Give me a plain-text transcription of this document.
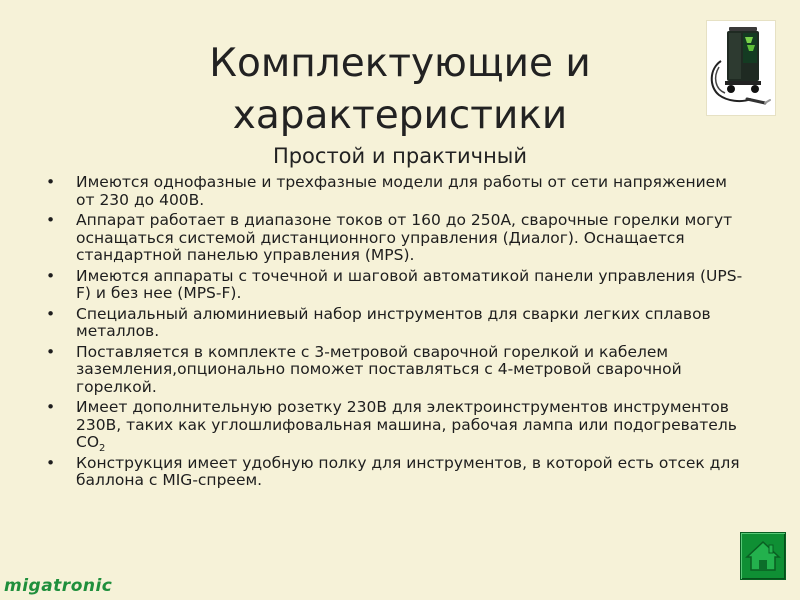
Комплектующие и
характеристики
Простой и практичный
• Имеются однофазные и трехфазные модели для работы от сети напряжением от 230 до 400В.
• Аппарат работает в диапазоне токов от 160 до 250А, сварочные горелки могут оснащаться системой дистанционного управления (Диалог). Оснащается стандартной панелью управления (MPS).
• Имеются аппараты с точечной и шаговой автоматикой панели управления (UPS-F) и без нее (MPS-F).
• Специальный алюминиевый набор инструментов для сварки легких сплавов металлов.
• Поставляется в комплекте с 3-метровой сварочной горелкой и кабелем заземления,опционально поможет поставляться с 4-метровой сварочной горелкой.
• Имеет дополнительную розетку 230В для электроинструментов инструментов 230В, таких как углошлифовальная машина, рабочая лампа или подогреватель $СО_2$
• Конструкция имеет удобную полку для инструментов, в которой есть отсек для баллона с MIG-спреем.
migatronic
